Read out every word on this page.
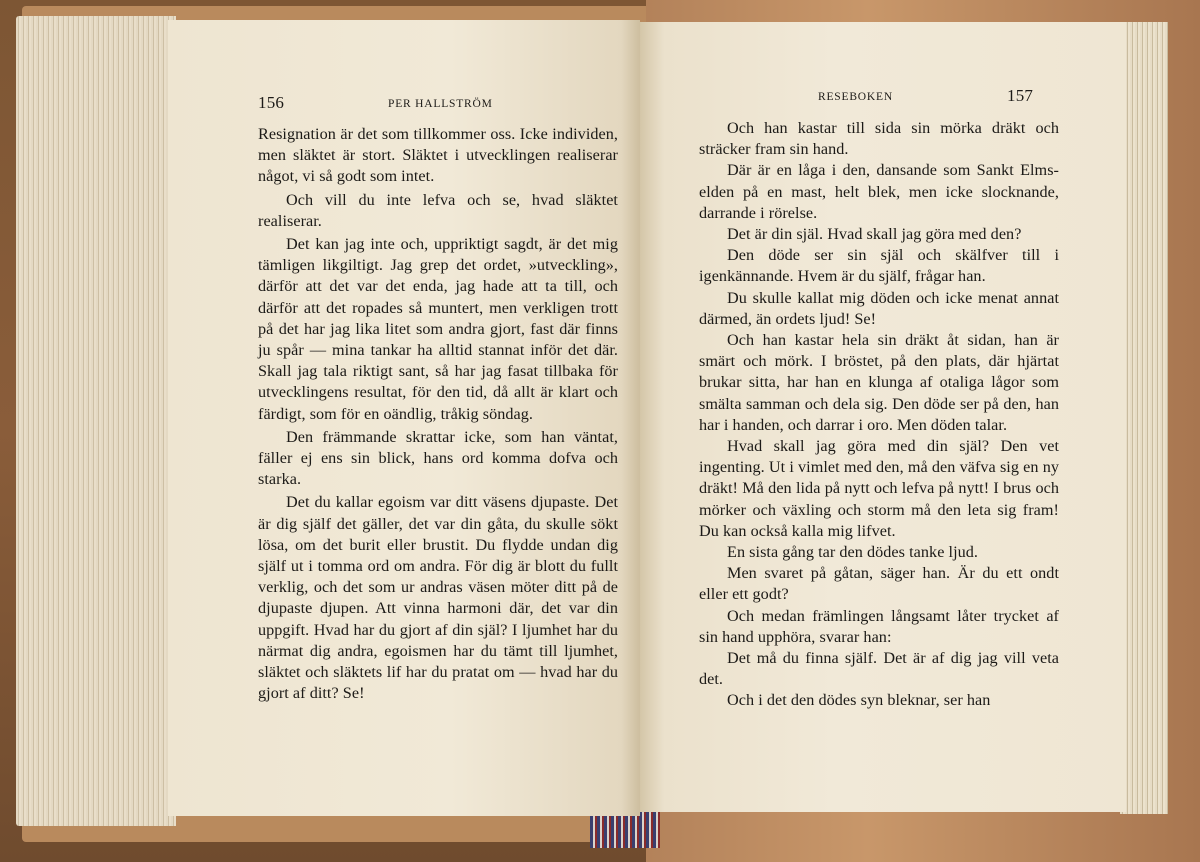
156	PER HALLSTRÖM

Resignation är det som tillkommer oss. Icke individen, men släktet är stort. Släktet i utvecklingen realiserar något, vi så godt som intet.

Och vill du inte lefva och se, hvad släktet realiserar.

Det kan jag inte och, uppriktigt sagdt, är det mig tämligen likgiltigt. Jag grep det ordet, »utveckling», därför att det var det enda, jag hade att ta till, och därför att det ropades så muntert, men verkligen trott på det har jag lika litet som andra gjort, fast där finns ju spår — mina tankar ha alltid stannat inför det där. Skall jag tala riktigt sant, så har jag fasat tillbaka för utvecklingens resultat, för den tid, då allt är klart och färdigt, som för en oändlig, tråkig söndag.

Den främmande skrattar icke, som han väntat, fäller ej ens sin blick, hans ord komma dofva och starka.

Det du kallar egoism var ditt väsens djupaste. Det är dig själf det gäller, det var din gåta, du skulle sökt lösa, om det burit eller brustit. Du flydde undan dig själf ut i tomma ord om andra. För dig är blott du fullt verklig, och det som ur andras väsen möter ditt på de djupaste djupen. Att vinna harmoni där, det var din uppgift. Hvad har du gjort af din själ? I ljumhet har du närmat dig andra, egoismen har du tämt till ljumhet, släktet och släktets lif har du pratat om — hvad har du gjort af ditt? Se!

RESEBOKEN	157

Och han kastar till sida sin mörka dräkt och sträcker fram sin hand.

Där är en låga i den, dansande som Sankt Elms-elden på en mast, helt blek, men icke slocknande, darrande i rörelse.

Det är din själ. Hvad skall jag göra med den?

Den döde ser sin själ och skälfver till i igenkännande. Hvem är du själf, frågar han.

Du skulle kallat mig döden och icke menat annat därmed, än ordets ljud! Se!

Och han kastar hela sin dräkt åt sidan, han är smärt och mörk. I bröstet, på den plats, där hjärtat brukar sitta, har han en klunga af otaliga lågor som smälta samman och dela sig. Den döde ser på den, han har i handen, och darrar i oro. Men döden talar.

Hvad skall jag göra med din själ? Den vet ingenting. Ut i vimlet med den, må den väfva sig en ny dräkt! Må den lida på nytt och lefva på nytt! I brus och mörker och växling och storm må den leta sig fram! Du kan också kalla mig lifvet.

En sista gång tar den dödes tanke ljud.

Men svaret på gåtan, säger han. Är du ett ondt eller ett godt?

Och medan främlingen långsamt låter trycket af sin hand upphöra, svarar han:

Det må du finna själf. Det är af dig jag vill veta det.

Och i det den dödes syn bleknar, ser han
